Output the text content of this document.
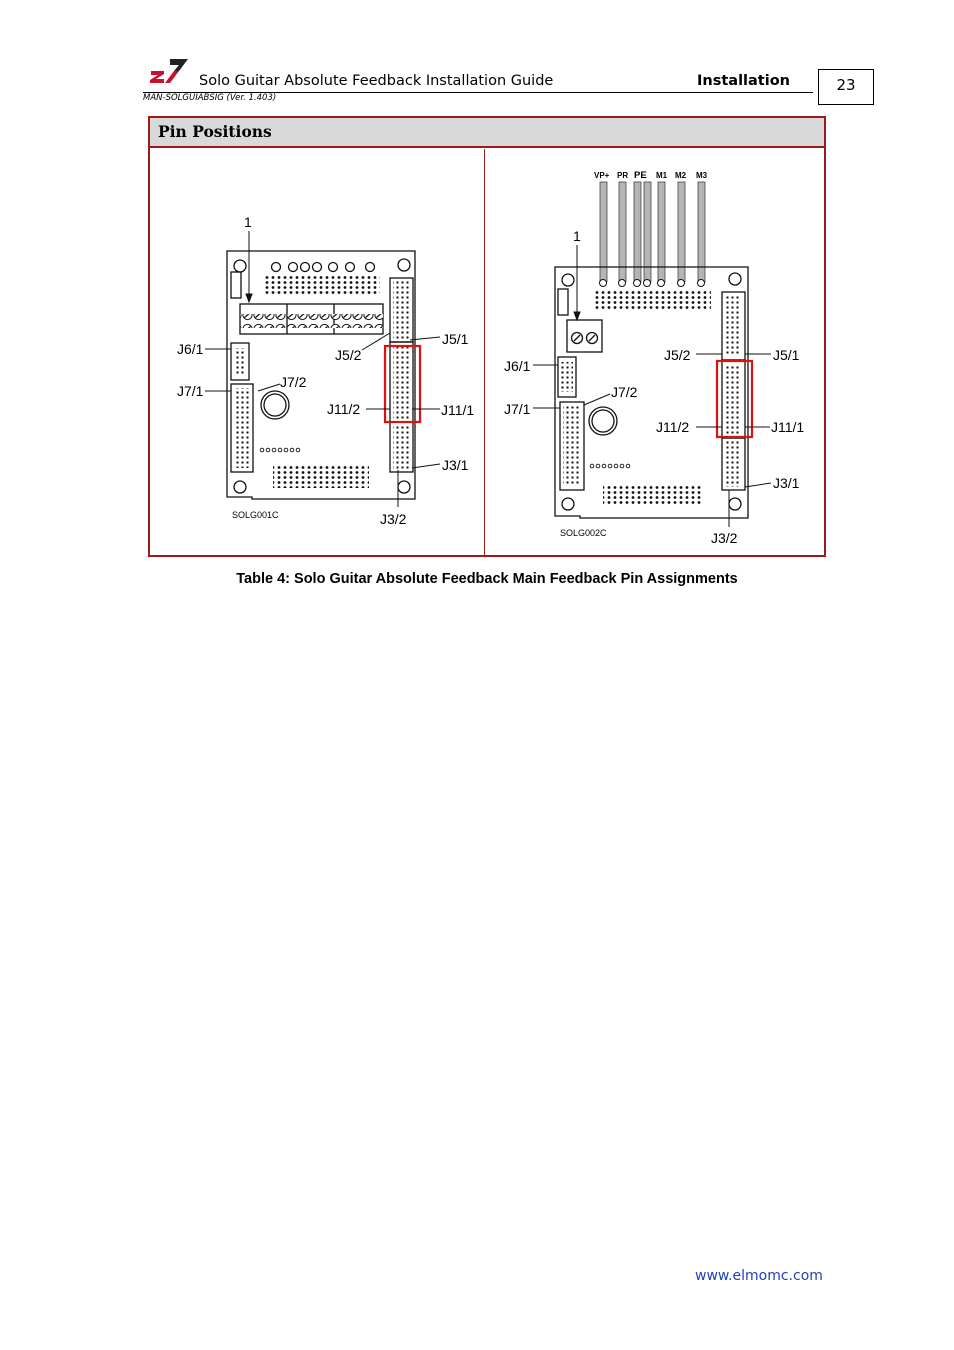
Solo Guitar Absolute Feedback Installation Guide	Installation
MAN-SOLGUIABSIG (Ver. 1.403)
23
Pin Positions
1
J6/1
J7/1
J7/2
J5/2
J5/1
J11/2	J11/1
J3/1
J3/2
SOLG001C
VP+ PR PE M1 M2 M3
1
J6/1
J7/1
J7/2
J5/2	J5/1
J11/2	J11/1
J3/1
J3/2
SOLG002C
Table 4: Solo Guitar Absolute Feedback Main Feedback Pin Assignments
www.elmomc.com
